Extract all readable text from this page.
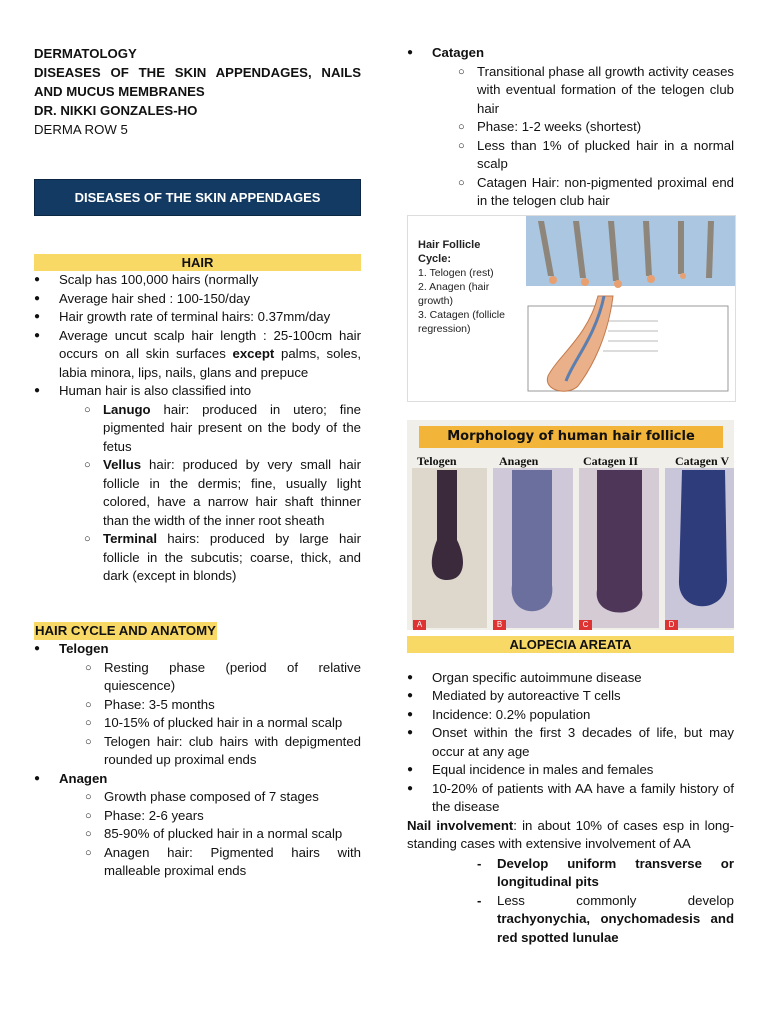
DERMATOLOGY
DISEASES OF THE SKIN APPENDAGES, NAILS AND MUCUS MEMBRANES
DR. NIKKI GONZALES-HO
DERMA ROW 5
DISEASES OF THE SKIN APPENDAGES
HAIR
● Scalp has 100,000 hairs (normally
● Average hair shed : 100-150/day
● Hair growth rate of terminal hairs: 0.37mm/day
● Average uncut scalp hair length : 25-100cm hair occurs on all skin surfaces except palms, soles, labia minora, lips, nails, glans and prepuce
● Human hair is also classified into
○ Lanugo hair: produced in utero; fine pigmented hair present on the body of the fetus
○ Vellus hair: produced by very small hair follicle in the dermis; fine, usually light colored, have a narrow hair shaft thinner than the width of the inner root sheath
○ Terminal hairs: produced by large hair follicle in the subcutis; coarse, thick, and dark (except in blonds)
HAIR CYCLE AND ANATOMY
● Telogen
○ Resting phase (period of relative quiescence)
○ Phase: 3-5 months
○ 10-15% of plucked hair in a normal scalp
○ Telogen hair: club hairs with depigmented rounded up proximal ends
● Anagen
○ Growth phase composed of 7 stages
○ Phase: 2-6 years
○ 85-90% of plucked hair in a normal scalp
○ Anagen hair: Pigmented hairs with malleable proximal ends
● Catagen
○ Transitional phase all growth activity ceases with eventual formation of the telogen club hair
○ Phase: 1-2 weeks (shortest)
○ Less than 1% of plucked hair in a normal scalp
○ Catagen Hair: non-pigmented proximal end in the telogen club hair
Hair Follicle Cycle:
1. Telogen (rest)
2. Anagen (hair growth)
3. Catagen (follicle regression)
Morphology of human hair follicle
Telogen	Anagen	Catagen II	Catagen V
A	B	C	D
ALOPECIA AREATA
● Organ specific autoimmune disease
● Mediated by autoreactive T cells
● Incidence: 0.2% population
● Onset within the first 3 decades of life, but may occur at any age
● Equal incidence in males and females
● 10-20% of patients with AA have a family history of the disease
Nail involvement: in about 10% of cases esp in long-standing cases with extensive involvement of AA
- Develop uniform transverse or longitudinal pits
- Less commonly develop trachyonychia, onychomadesis and red spotted lunulae
